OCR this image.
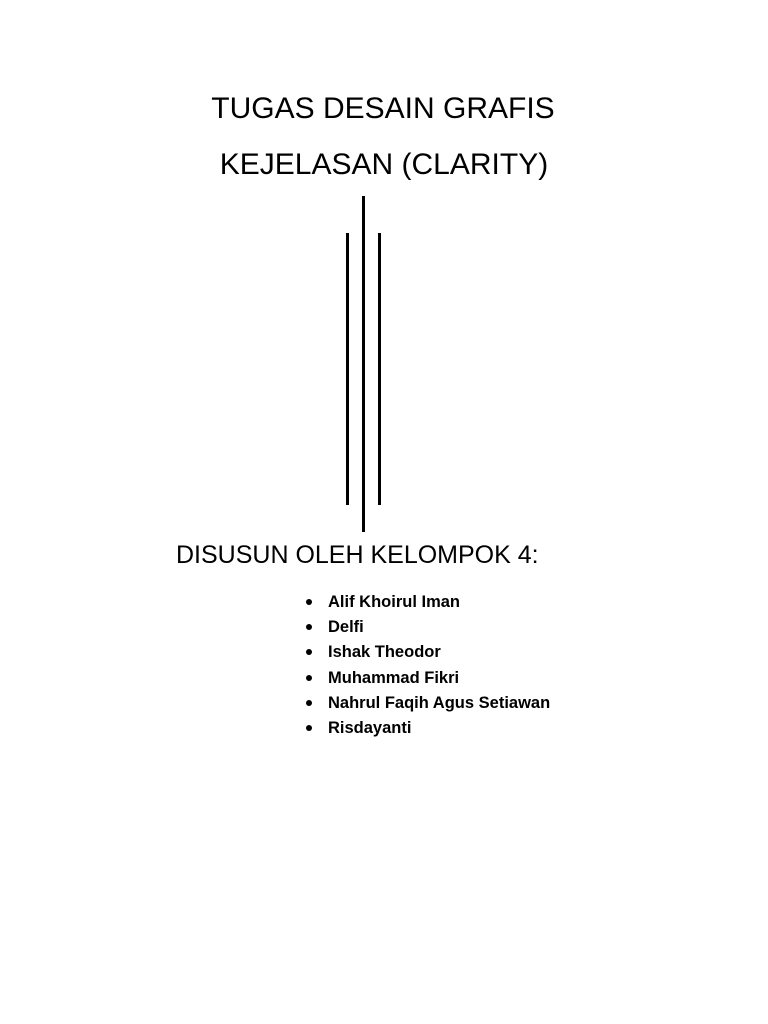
TUGAS DESAIN GRAFIS
KEJELASAN (CLARITY)
DISUSUN OLEH KELOMPOK 4:
Alif Khoirul Iman
Delfi
Ishak Theodor
Muhammad Fikri
Nahrul Faqih Agus Setiawan
Risdayanti
